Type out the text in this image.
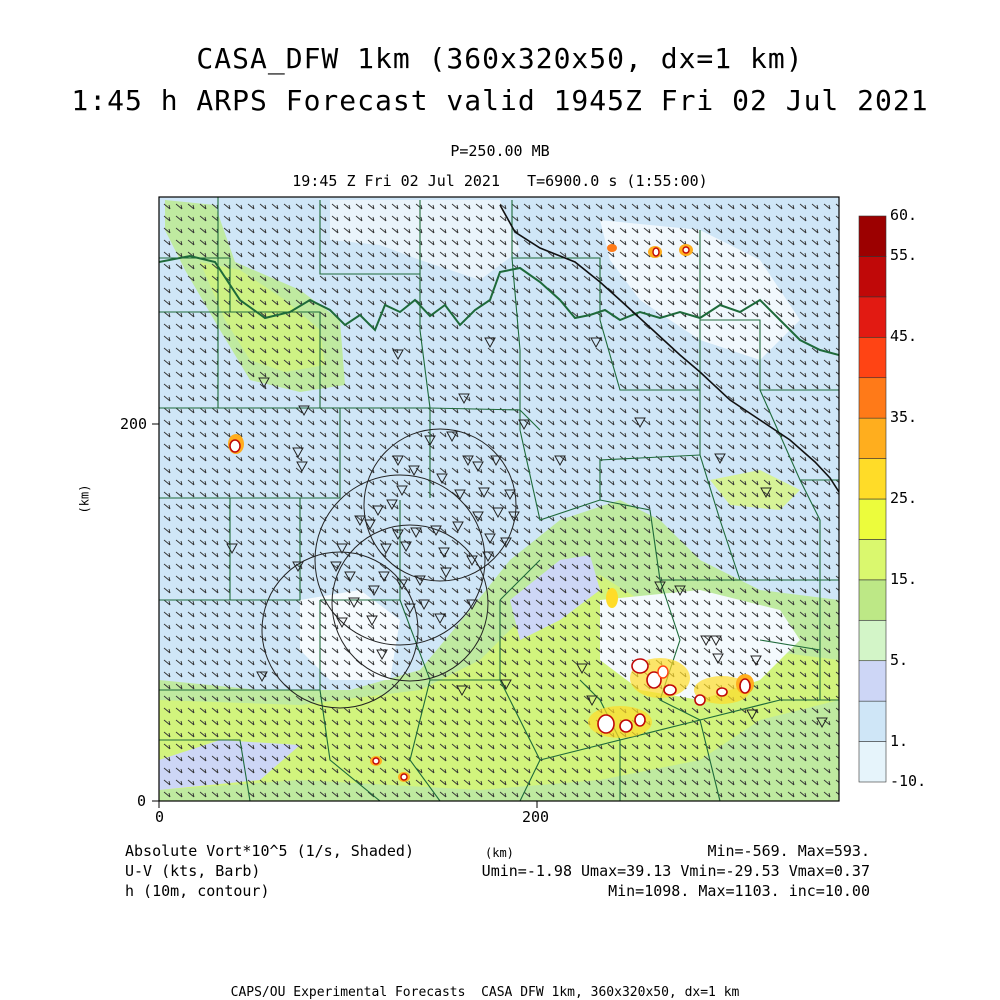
CASA_DFW 1km (360x320x50, dx=1 km)
1:45 h ARPS Forecast valid 1945Z Fri 02 Jul 2021
P=250.00 MB
19:45 Z Fri 02 Jul 2021   T=6900.0 s (1:55:00)
0	200
0
200
(km)
60.
55.
45.
35.
25.
15.
5.
1.
-10.
Absolute Vort*10^5 (1/s, Shaded)
U-V (kts, Barb)
h (10m, contour)
(km)	Min=-569. Max=593.
Umin=-1.98 Umax=39.13 Vmin=-29.53 Vmax=0.37
Min=1098. Max=1103. inc=10.00
CAPS/OU Experimental Forecasts  CASA DFW 1km, 360x320x50, dx=1 km
